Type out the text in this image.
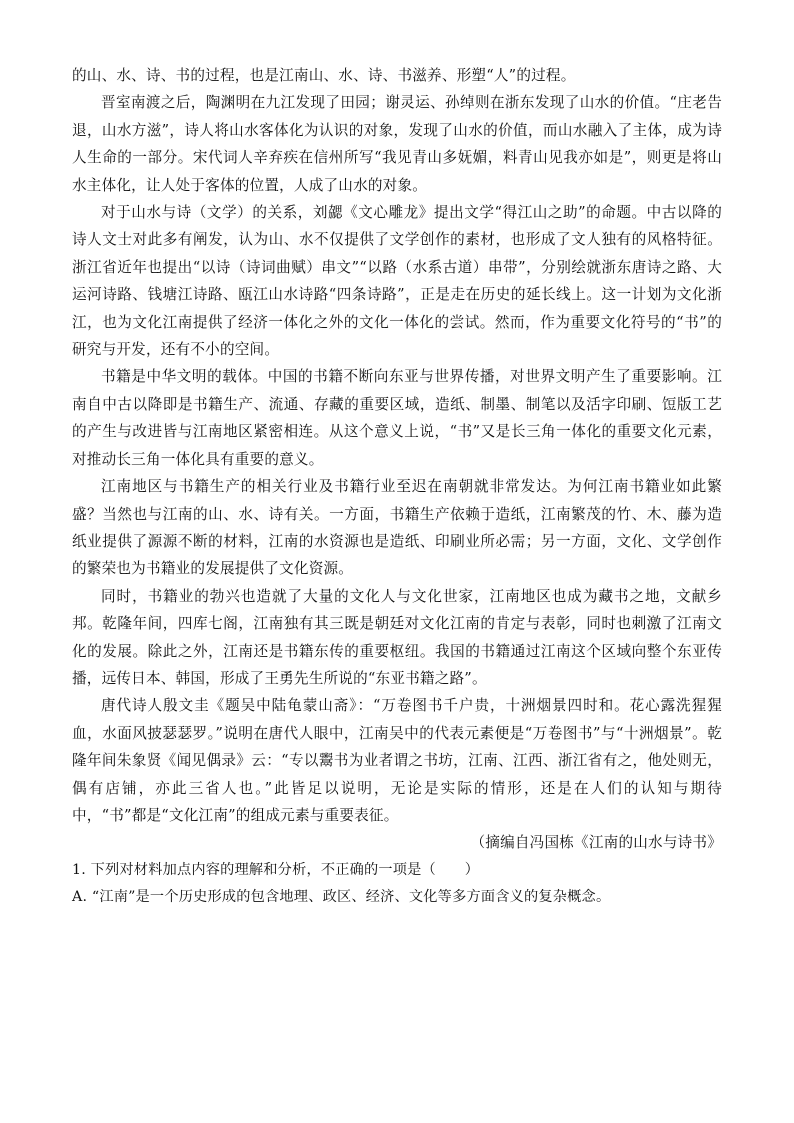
的山、水、诗、书的过程，也是江南山、水、诗、书滋养、形塑“人”的过程。

晋室南渡之后，陶渊明在九江发现了田园；谢灵运、孙绰则在浙东发现了山水的价值。“庄老告退，山水方滋”，诗人将山水客体化为认识的对象，发现了山水的价值，而山水融入了主体，成为诗人生命的一部分。宋代词人辛弃疾在信州所写“我见青山多妩媚，料青山见我亦如是”，则更是将山水主体化，让人处于客体的位置，人成了山水的对象。

对于山水与诗（文学）的关系，刘勰《文心雕龙》提出文学“得江山之助”的命题。中古以降的诗人文士对此多有阐发，认为山、水不仅提供了文学创作的素材，也形成了文人独有的风格特征。浙江省近年也提出“以诗（诗词曲赋）串文”“以路（水系古道）串带”，分别绘就浙东唐诗之路、大运河诗路、钱塘江诗路、瓯江山水诗路“四条诗路”，正是走在历史的延长线上。这一计划为文化浙江，也为文化江南提供了经济一体化之外的文化一体化的尝试。然而，作为重要文化符号的“书”的研究与开发，还有不小的空间。

书籍是中华文明的载体。中国的书籍不断向东亚与世界传播，对世界文明产生了重要影响。江南自中古以降即是书籍生产、流通、存藏的重要区域，造纸、制墨、制笔以及活字印刷、饾版工艺的产生与改进皆与江南地区紧密相连。从这个意义上说，“书”又是长三角一体化的重要文化元素，对推动长三角一体化具有重要的意义。

江南地区与书籍生产的相关行业及书籍行业至迟在南朝就非常发达。为何江南书籍业如此繁盛？当然也与江南的山、水、诗有关。一方面，书籍生产依赖于造纸，江南繁茂的竹、木、藤为造纸业提供了源源不断的材料，江南的水资源也是造纸、印刷业所必需；另一方面，文化、文学创作的繁荣也为书籍业的发展提供了文化资源。

同时，书籍业的勃兴也造就了大量的文化人与文化世家，江南地区也成为藏书之地，文献乡邦。乾隆年间，四库七阁，江南独有其三既是朝廷对文化江南的肯定与表彰，同时也刺激了江南文化的发展。除此之外，江南还是书籍东传的重要枢纽。我国的书籍通过江南这个区域向整个东亚传播，远传日本、韩国，形成了王勇先生所说的“东亚书籍之路”。

唐代诗人殷文圭《题吴中陆龟蒙山斋》：“万卷图书千户贵，十洲烟景四时和。花心露洗猩猩血，水面风披瑟瑟罗。”说明在唐代人眼中，江南吴中的代表元素便是“万卷图书”与“十洲烟景”。乾隆年间朱象贤《闻见偶录》云：“专以鬻书为业者谓之书坊，江南、江西、浙江省有之，他处则无，偶有店铺，亦此三省人也。”此皆足以说明，无论是实际的情形，还是在人们的认知与期待中，“书”都是“文化江南”的组成元素与重要表征。

（摘编自冯国栋《江南的山水与诗书》

1. 下列对材料加点内容的理解和分析，不正确的一项是（　　）

A. “江南”是一个历史形成的包含地理、政区、经济、文化等多方面含义的复杂概念。
